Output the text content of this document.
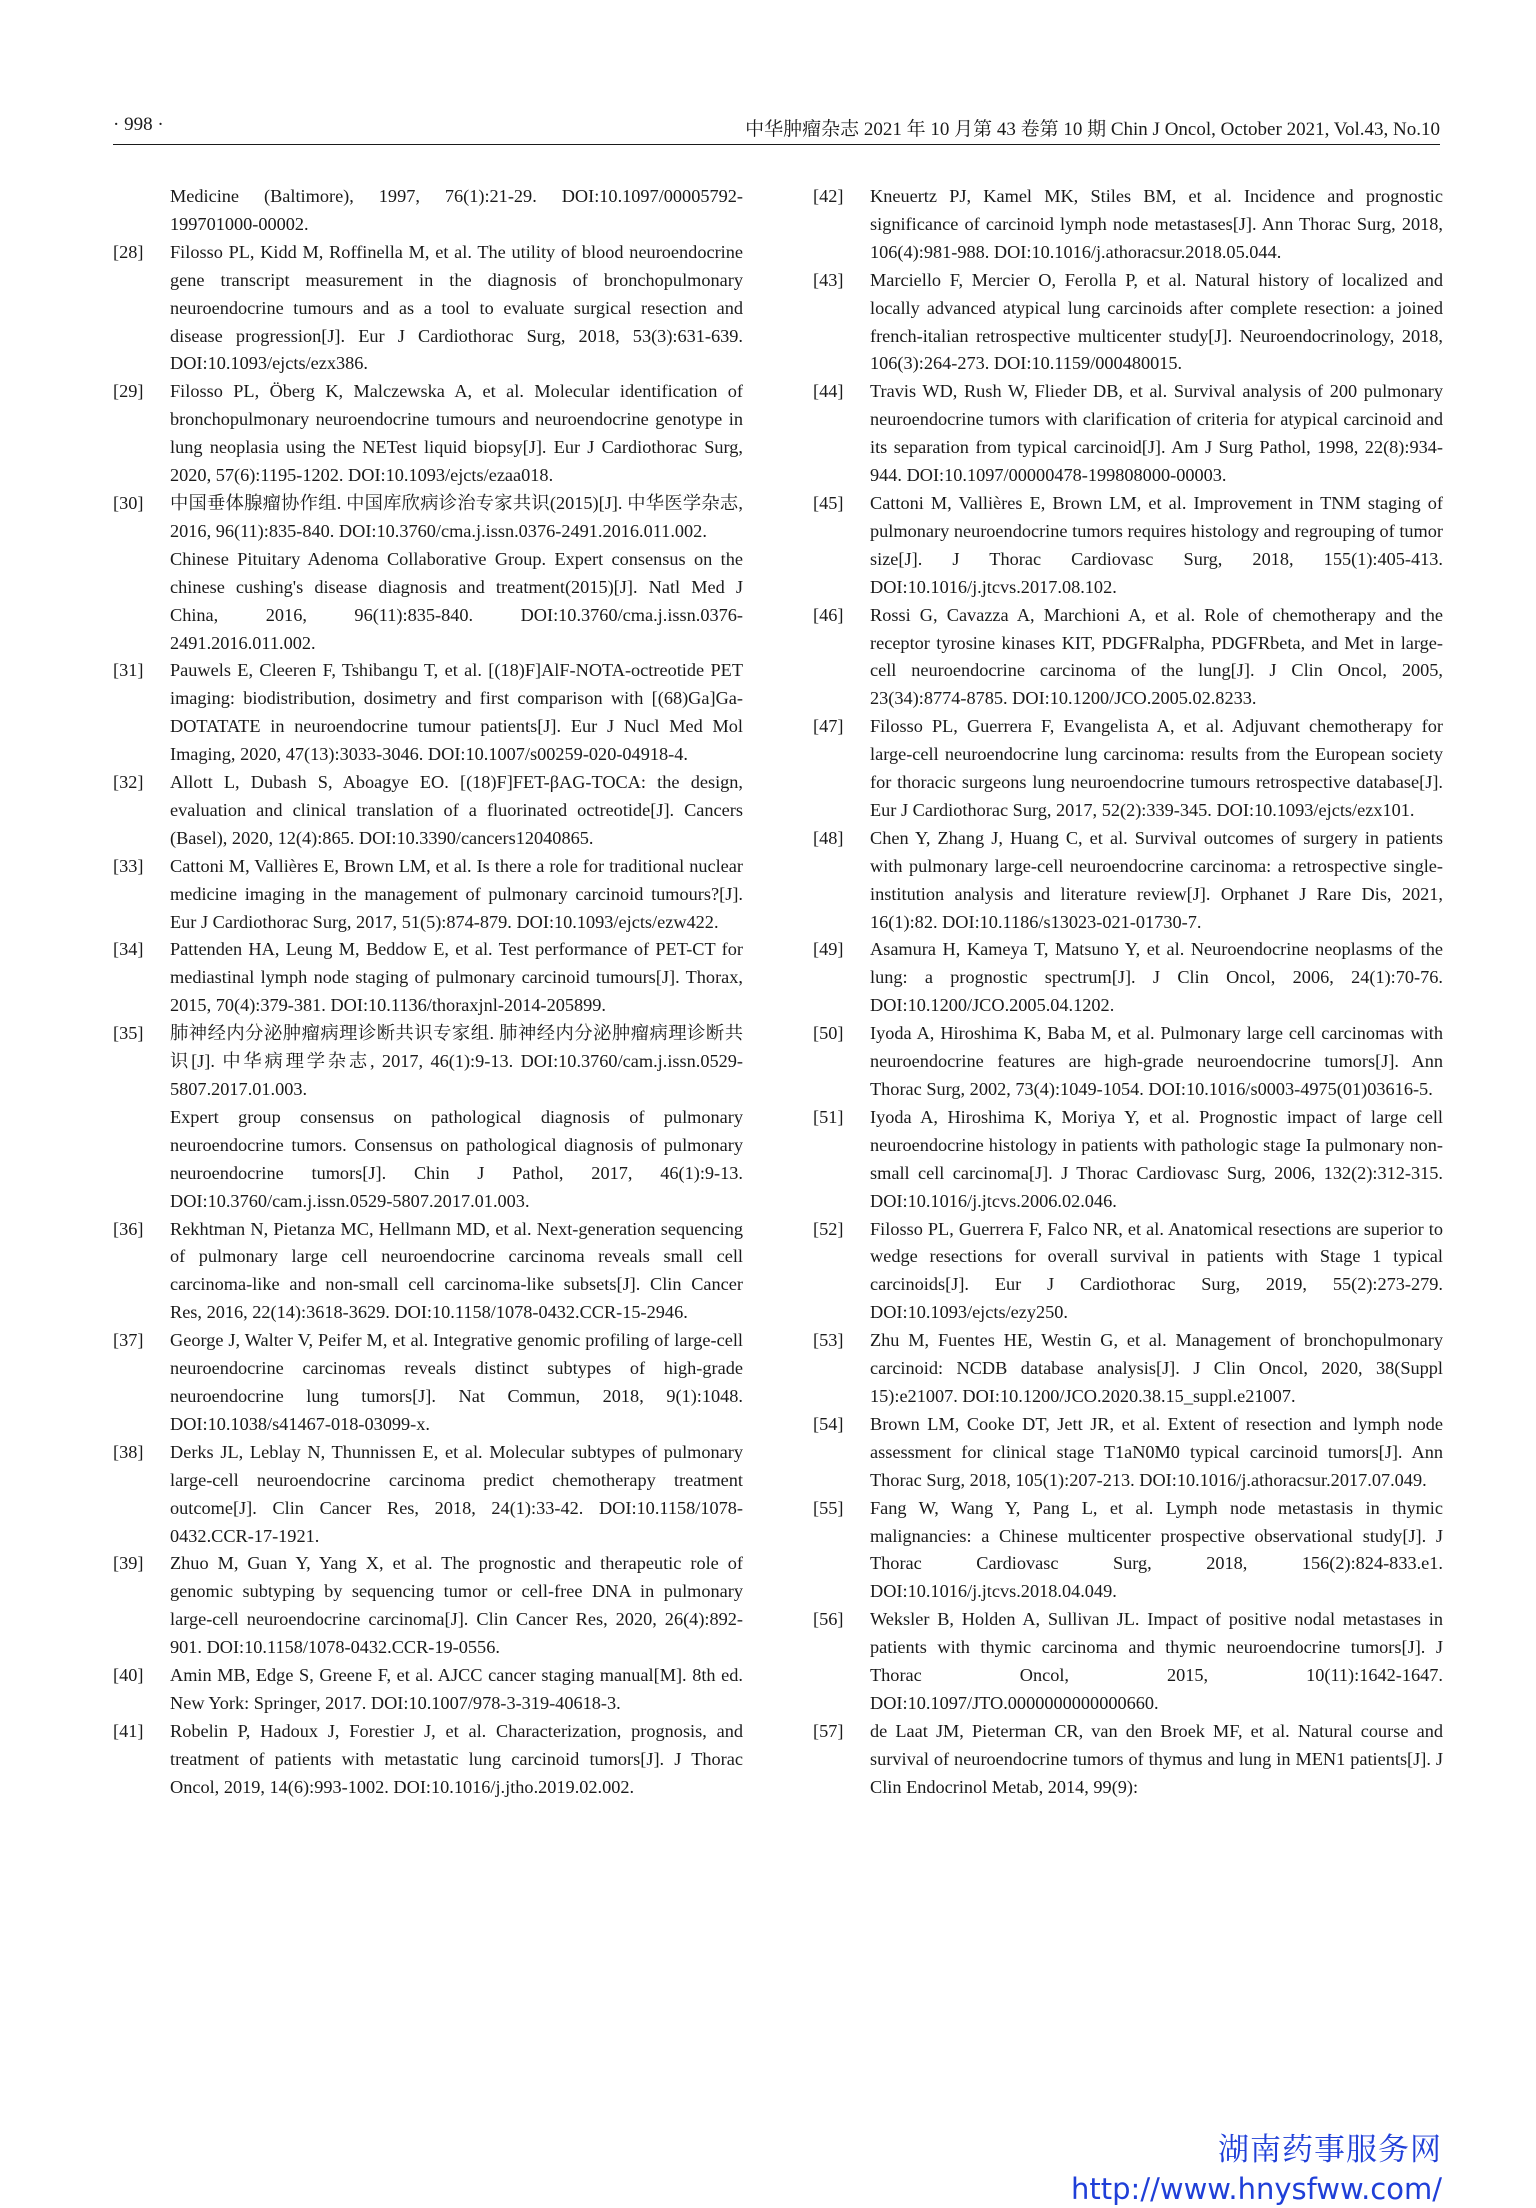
· 998 ·	中华肿瘤杂志 2021 年 10 月第 43 卷第 10 期 Chin J Oncol, October 2021, Vol.43, No.10
Medicine (Baltimore), 1997, 76(1):21-29. DOI:10.1097/00005792-199701000-00002.
[28] Filosso PL, Kidd M, Roffinella M, et al. The utility of blood neuroendocrine gene transcript measurement in the diagnosis of bronchopulmonary neuroendocrine tumours and as a tool to evaluate surgical resection and disease progression[J]. Eur J Cardiothorac Surg, 2018, 53(3):631-639. DOI:10.1093/ejcts/ezx386.
[29] Filosso PL, Öberg K, Malczewska A, et al. Molecular identification of bronchopulmonary neuroendocrine tumours and neuroendocrine genotype in lung neoplasia using the NETest liquid biopsy[J]. Eur J Cardiothorac Surg, 2020, 57(6):1195-1202. DOI:10.1093/ejcts/ezaa018.
[30] 中国垂体腺瘤协作组. 中国库欣病诊治专家共识(2015)[J]. 中华医学杂志, 2016, 96(11):835-840. DOI:10.3760/cma.j.issn.0376-2491.2016.011.002.
Chinese Pituitary Adenoma Collaborative Group. Expert consensus on the chinese cushing's disease diagnosis and treatment(2015)[J]. Natl Med J China, 2016, 96(11):835-840. DOI:10.3760/cma.j.issn.0376-2491.2016.011.002.
[31] Pauwels E, Cleeren F, Tshibangu T, et al. [(18)F]AlF-NOTA-octreotide PET imaging: biodistribution, dosimetry and first comparison with [(68)Ga]Ga-DOTATATE in neuroendocrine tumour patients[J]. Eur J Nucl Med Mol Imaging, 2020, 47(13):3033-3046. DOI:10.1007/s00259-020-04918-4.
[32] Allott L, Dubash S, Aboagye EO. [(18)F]FET-βAG-TOCA: the design, evaluation and clinical translation of a fluorinated octreotide[J]. Cancers (Basel), 2020, 12(4):865. DOI:10.3390/cancers12040865.
[33] Cattoni M, Vallières E, Brown LM, et al. Is there a role for traditional nuclear medicine imaging in the management of pulmonary carcinoid tumours?[J]. Eur J Cardiothorac Surg, 2017, 51(5):874-879. DOI:10.1093/ejcts/ezw422.
[34] Pattenden HA, Leung M, Beddow E, et al. Test performance of PET-CT for mediastinal lymph node staging of pulmonary carcinoid tumours[J]. Thorax, 2015, 70(4):379-381. DOI:10.1136/thoraxjnl-2014-205899.
[35] 肺神经内分泌肿瘤病理诊断共识专家组. 肺神经内分泌肿瘤病理诊断共识[J]. 中华病理学杂志, 2017, 46(1):9-13. DOI:10.3760/cam.j.issn.0529-5807.2017.01.003.
Expert group consensus on pathological diagnosis of pulmonary neuroendocrine tumors. Consensus on pathological diagnosis of pulmonary neuroendocrine tumors[J]. Chin J Pathol, 2017, 46(1):9-13. DOI:10.3760/cam.j.issn.0529-5807.2017.01.003.
[36] Rekhtman N, Pietanza MC, Hellmann MD, et al. Next-generation sequencing of pulmonary large cell neuroendocrine carcinoma reveals small cell carcinoma-like and non-small cell carcinoma-like subsets[J]. Clin Cancer Res, 2016, 22(14):3618-3629. DOI:10.1158/1078-0432.CCR-15-2946.
[37] George J, Walter V, Peifer M, et al. Integrative genomic profiling of large-cell neuroendocrine carcinomas reveals distinct subtypes of high-grade neuroendocrine lung tumors[J]. Nat Commun, 2018, 9(1):1048. DOI:10.1038/s41467-018-03099-x.
[38] Derks JL, Leblay N, Thunnissen E, et al. Molecular subtypes of pulmonary large-cell neuroendocrine carcinoma predict chemotherapy treatment outcome[J]. Clin Cancer Res, 2018, 24(1):33-42. DOI:10.1158/1078-0432.CCR-17-1921.
[39] Zhuo M, Guan Y, Yang X, et al. The prognostic and therapeutic role of genomic subtyping by sequencing tumor or cell-free DNA in pulmonary large-cell neuroendocrine carcinoma[J]. Clin Cancer Res, 2020, 26(4):892-901. DOI:10.1158/1078-0432.CCR-19-0556.
[40] Amin MB, Edge S, Greene F, et al. AJCC cancer staging manual[M]. 8th ed. New York: Springer, 2017. DOI:10.1007/978-3-319-40618-3.
[41] Robelin P, Hadoux J, Forestier J, et al. Characterization, prognosis, and treatment of patients with metastatic lung carcinoid tumors[J]. J Thorac Oncol, 2019, 14(6):993-1002. DOI:10.1016/j.jtho.2019.02.002.
[42] Kneuertz PJ, Kamel MK, Stiles BM, et al. Incidence and prognostic significance of carcinoid lymph node metastases[J]. Ann Thorac Surg, 2018, 106(4):981-988. DOI:10.1016/j.athoracsur.2018.05.044.
[43] Marciello F, Mercier O, Ferolla P, et al. Natural history of localized and locally advanced atypical lung carcinoids after complete resection: a joined french-italian retrospective multicenter study[J]. Neuroendocrinology, 2018, 106(3):264-273. DOI:10.1159/000480015.
[44] Travis WD, Rush W, Flieder DB, et al. Survival analysis of 200 pulmonary neuroendocrine tumors with clarification of criteria for atypical carcinoid and its separation from typical carcinoid[J]. Am J Surg Pathol, 1998, 22(8):934-944. DOI:10.1097/00000478-199808000-00003.
[45] Cattoni M, Vallières E, Brown LM, et al. Improvement in TNM staging of pulmonary neuroendocrine tumors requires histology and regrouping of tumor size[J]. J Thorac Cardiovasc Surg, 2018, 155(1):405-413. DOI:10.1016/j.jtcvs.2017.08.102.
[46] Rossi G, Cavazza A, Marchioni A, et al. Role of chemotherapy and the receptor tyrosine kinases KIT, PDGFRalpha, PDGFRbeta, and Met in large-cell neuroendocrine carcinoma of the lung[J]. J Clin Oncol, 2005, 23(34):8774-8785. DOI:10.1200/JCO.2005.02.8233.
[47] Filosso PL, Guerrera F, Evangelista A, et al. Adjuvant chemotherapy for large-cell neuroendocrine lung carcinoma: results from the European society for thoracic surgeons lung neuroendocrine tumours retrospective database[J]. Eur J Cardiothorac Surg, 2017, 52(2):339-345. DOI:10.1093/ejcts/ezx101.
[48] Chen Y, Zhang J, Huang C, et al. Survival outcomes of surgery in patients with pulmonary large-cell neuroendocrine carcinoma: a retrospective single-institution analysis and literature review[J]. Orphanet J Rare Dis, 2021, 16(1):82. DOI:10.1186/s13023-021-01730-7.
[49] Asamura H, Kameya T, Matsuno Y, et al. Neuroendocrine neoplasms of the lung: a prognostic spectrum[J]. J Clin Oncol, 2006, 24(1):70-76. DOI:10.1200/JCO.2005.04.1202.
[50] Iyoda A, Hiroshima K, Baba M, et al. Pulmonary large cell carcinomas with neuroendocrine features are high-grade neuroendocrine tumors[J]. Ann Thorac Surg, 2002, 73(4):1049-1054. DOI:10.1016/s0003-4975(01)03616-5.
[51] Iyoda A, Hiroshima K, Moriya Y, et al. Prognostic impact of large cell neuroendocrine histology in patients with pathologic stage Ia pulmonary non-small cell carcinoma[J]. J Thorac Cardiovasc Surg, 2006, 132(2):312-315. DOI:10.1016/j.jtcvs.2006.02.046.
[52] Filosso PL, Guerrera F, Falco NR, et al. Anatomical resections are superior to wedge resections for overall survival in patients with Stage 1 typical carcinoids[J]. Eur J Cardiothorac Surg, 2019, 55(2):273-279. DOI:10.1093/ejcts/ezy250.
[53] Zhu M, Fuentes HE, Westin G, et al. Management of bronchopulmonary carcinoid: NCDB database analysis[J]. J Clin Oncol, 2020, 38(Suppl 15):e21007. DOI:10.1200/JCO.2020.38.15_suppl.e21007.
[54] Brown LM, Cooke DT, Jett JR, et al. Extent of resection and lymph node assessment for clinical stage T1aN0M0 typical carcinoid tumors[J]. Ann Thorac Surg, 2018, 105(1):207-213. DOI:10.1016/j.athoracsur.2017.07.049.
[55] Fang W, Wang Y, Pang L, et al. Lymph node metastasis in thymic malignancies: a Chinese multicenter prospective observational study[J]. J Thorac Cardiovasc Surg, 2018, 156(2):824-833.e1. DOI:10.1016/j.jtcvs.2018.04.049.
[56] Weksler B, Holden A, Sullivan JL. Impact of positive nodal metastases in patients with thymic carcinoma and thymic neuroendocrine tumors[J]. J Thorac Oncol, 2015, 10(11):1642-1647. DOI:10.1097/JTO.0000000000000660.
[57] de Laat JM, Pieterman CR, van den Broek MF, et al. Natural course and survival of neuroendocrine tumors of thymus and lung in MEN1 patients[J]. J Clin Endocrinol Metab, 2014, 99(9):
湖南药事服务网
http://www.hnysfww.com/
